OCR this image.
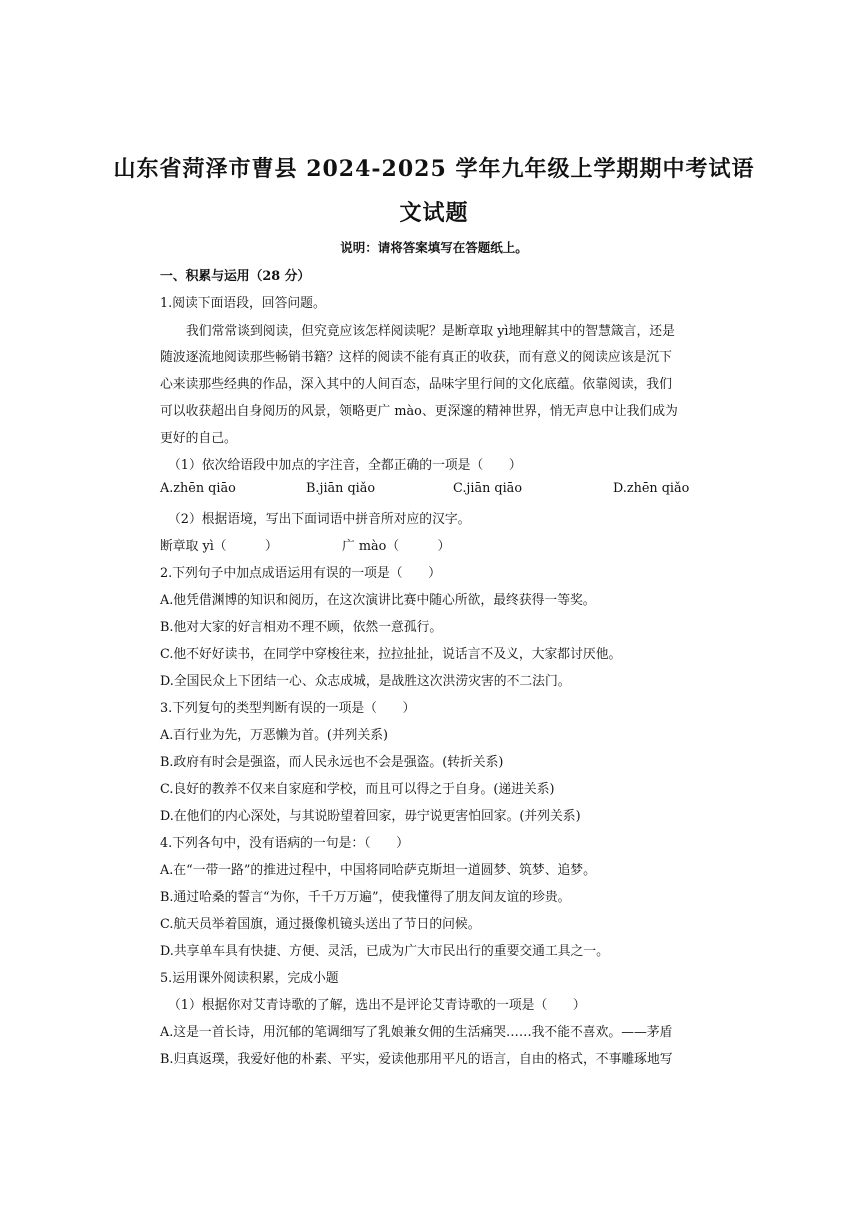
山东省菏泽市曹县 2024-2025 学年九年级上学期期中考试语
文试题
说明：请将答案填写在答题纸上。
一、积累与运用（28 分）
1.阅读下面语段，回答问题。
我们常常谈到阅读，但究竟应该怎样阅读呢？是断章取 yì地理解其中的智慧箴言，还是
随波逐流地阅读那些畅销书籍？这样的阅读不能有真正的收获，而有意义的阅读应该是沉下
心来读那些经典的作品，深入其中的人间百态，品味字里行间的文化底蕴。依靠阅读，我们
可以收获超出自身阅历的风景，领略更广 mào、更深邃的精神世界，悄无声息中让我们成为
更好的自己。
（1）依次给语段中加点的字注音，全都正确的一项是（　　）
A.zhēn qiāo	B.jiān qiǎo	C.jiān qiāo	D.zhēn qiǎo
（2）根据语境，写出下面词语中拼音所对应的汉字。
断章取 yì（　　　）	广 mào（　　　）
2.下列句子中加点成语运用有误的一项是（　　）
A.他凭借渊博的知识和阅历，在这次演讲比赛中随心所欲，最终获得一等奖。
B.他对大家的好言相劝不理不顾，依然一意孤行。
C.他不好好读书，在同学中穿梭往来，拉拉扯扯，说话言不及义，大家都讨厌他。
D.全国民众上下团结一心、众志成城，是战胜这次洪涝灾害的不二法门。
3.下列复句的类型判断有误的一项是（　　）
A.百行业为先，万恶懒为首。(并列关系)
B.政府有时会是强盗，而人民永远也不会是强盗。(转折关系)
C.良好的教养不仅来自家庭和学校，而且可以得之于自身。(递进关系)
D.在他们的内心深处，与其说盼望着回家，毋宁说更害怕回家。(并列关系)
4.下列各句中，没有语病的一句是：（　　）
A.在“一带一路”的推进过程中，中国将同哈萨克斯坦一道圆梦、筑梦、追梦。
B.通过哈桑的誓言“为你，千千万万遍”，使我懂得了朋友间友谊的珍贵。
C.航天员举着国旗，通过摄像机镜头送出了节日的问候。
D.共享单车具有快捷、方便、灵活，已成为广大市民出行的重要交通工具之一。
5.运用课外阅读积累，完成小题
（1）根据你对艾青诗歌的了解，选出不是评论艾青诗歌的一项是（　　）
A.这是一首长诗，用沉郁的笔调细写了乳娘兼女佣的生活痛哭……我不能不喜欢。——茅盾
B.归真返璞，我爱好他的朴素、平实，爱读他那用平凡的语言，自由的格式，不事雕琢地写
